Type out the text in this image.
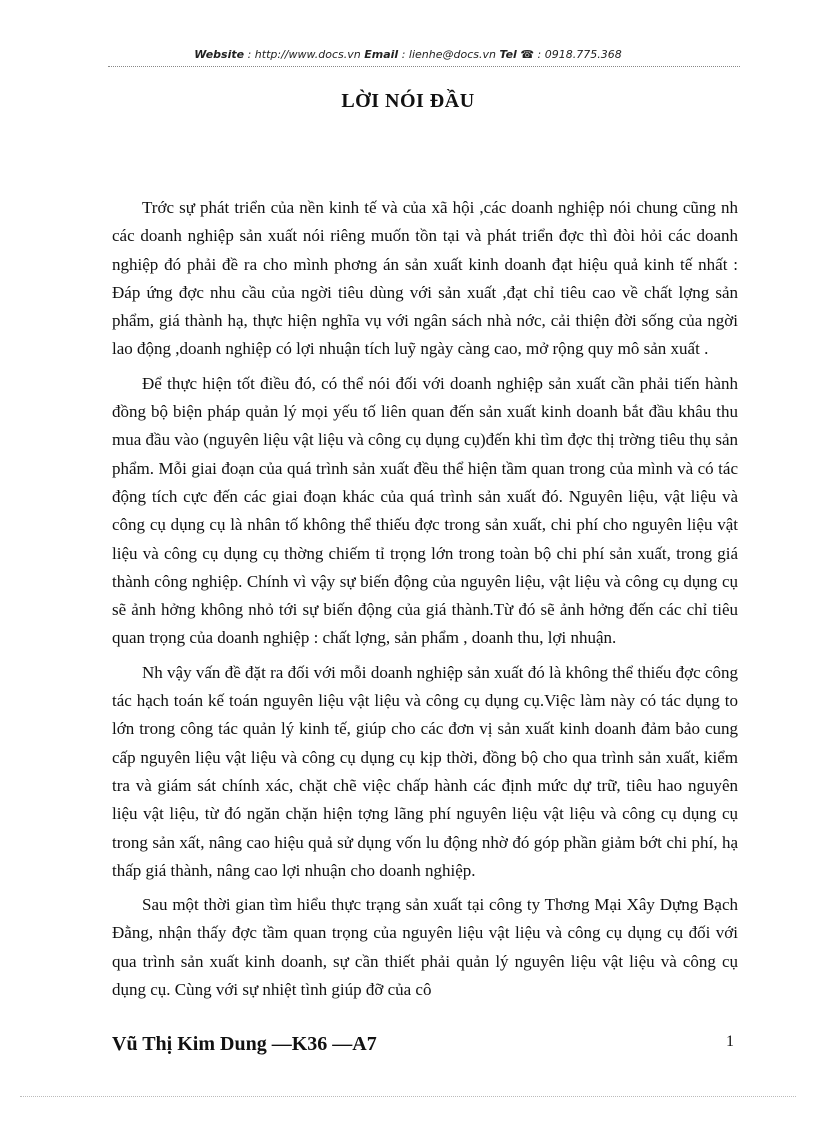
Website : http://www.docs.vn Email : lienhe@docs.vn Tel ☎ : 0918.775.368
LỜI NÓI ĐẦU

Trớc sự phát triển của nền kinh tế và của xã hội ,các doanh nghiệp nói chung cũng nh các doanh nghiệp sản xuất nói riêng muốn tồn tại và phát triển đợc thì đòi hỏi các doanh nghiệp đó phải đề ra cho mình phơng án sản xuất kinh doanh đạt hiệu quả kinh tế nhất : Đáp ứng đợc nhu cầu của ngời tiêu dùng với sản xuất ,đạt chỉ tiêu cao về chất lợng sản phẩm, giá thành hạ, thực hiện nghĩa vụ với ngân sách nhà nớc, cải thiện đời sống của ngời lao động ,doanh nghiệp có lợi nhuận tích luỹ ngày càng cao, mở rộng quy mô sản xuất .

Để thực hiện tốt điều đó, có thể nói đối với doanh nghiệp sản xuất cần phải tiến hành đồng bộ biện pháp quản lý mọi yếu tố liên quan đến sản xuất kinh doanh bắt đầu khâu thu mua đầu vào (nguyên liệu vật liệu và công cụ dụng cụ)đến khi tìm đợc thị trờng tiêu thụ sản phẩm. Mỗi giai đoạn của quá trình sản xuất đều thể hiện tầm quan trong của mình và có tác động tích cực đến các giai đoạn khác của quá trình sản xuất đó. Nguyên liệu, vật liệu và công cụ dụng cụ là nhân tố không thể thiếu đợc trong sản xuất, chi phí cho nguyên liệu vật liệu và công cụ dụng cụ thờng chiếm tỉ trọng lớn trong toàn bộ chi phí sản xuất, trong giá thành công nghiệp. Chính vì vậy sự biến động của nguyên liệu, vật liệu và công cụ dụng cụ sẽ ảnh hởng không nhỏ tới sự biến động của giá thành.Từ đó sẽ ảnh hởng đến các chỉ tiêu quan trọng của doanh nghiệp : chất lợng, sản phẩm , doanh thu, lợi nhuận.

Nh vậy vấn đề đặt ra đối với mỗi doanh nghiệp sản xuất đó là không thể thiếu đợc công tác hạch toán kế toán nguyên liệu vật liệu và công cụ dụng cụ.Việc làm này có tác dụng to lớn trong công tác quản lý kinh tế, giúp cho các đơn vị sản xuất kinh doanh đảm bảo cung cấp nguyên liệu vật liệu và công cụ dụng cụ kịp thời, đồng bộ cho qua trình sản xuất, kiểm tra và giám sát chính xác, chặt chẽ việc chấp hành các định mức dự trữ, tiêu hao nguyên liệu vật liệu, từ đó ngăn chặn hiện tợng lãng phí nguyên liệu vật liệu và công cụ dụng cụ trong sản xất, nâng cao hiệu quả sử dụng vốn lu động nhờ đó góp phần giảm bớt chi phí, hạ thấp giá thành, nâng cao lợi nhuận cho doanh nghiệp.

Sau một thời gian tìm hiểu thực trạng sản xuất tại công ty Thơng Mại Xây Dựng Bạch Đằng, nhận thấy đợc tầm quan trọng của nguyên liệu vật liệu và công cụ dụng cụ đối với qua trình sản xuất kinh doanh, sự cần thiết phải quản lý nguyên liệu vật liệu và công cụ dụng cụ. Cùng với sự nhiệt tình giúp đỡ của cô

Vũ Thị Kim Dung —K36 —A7	1
